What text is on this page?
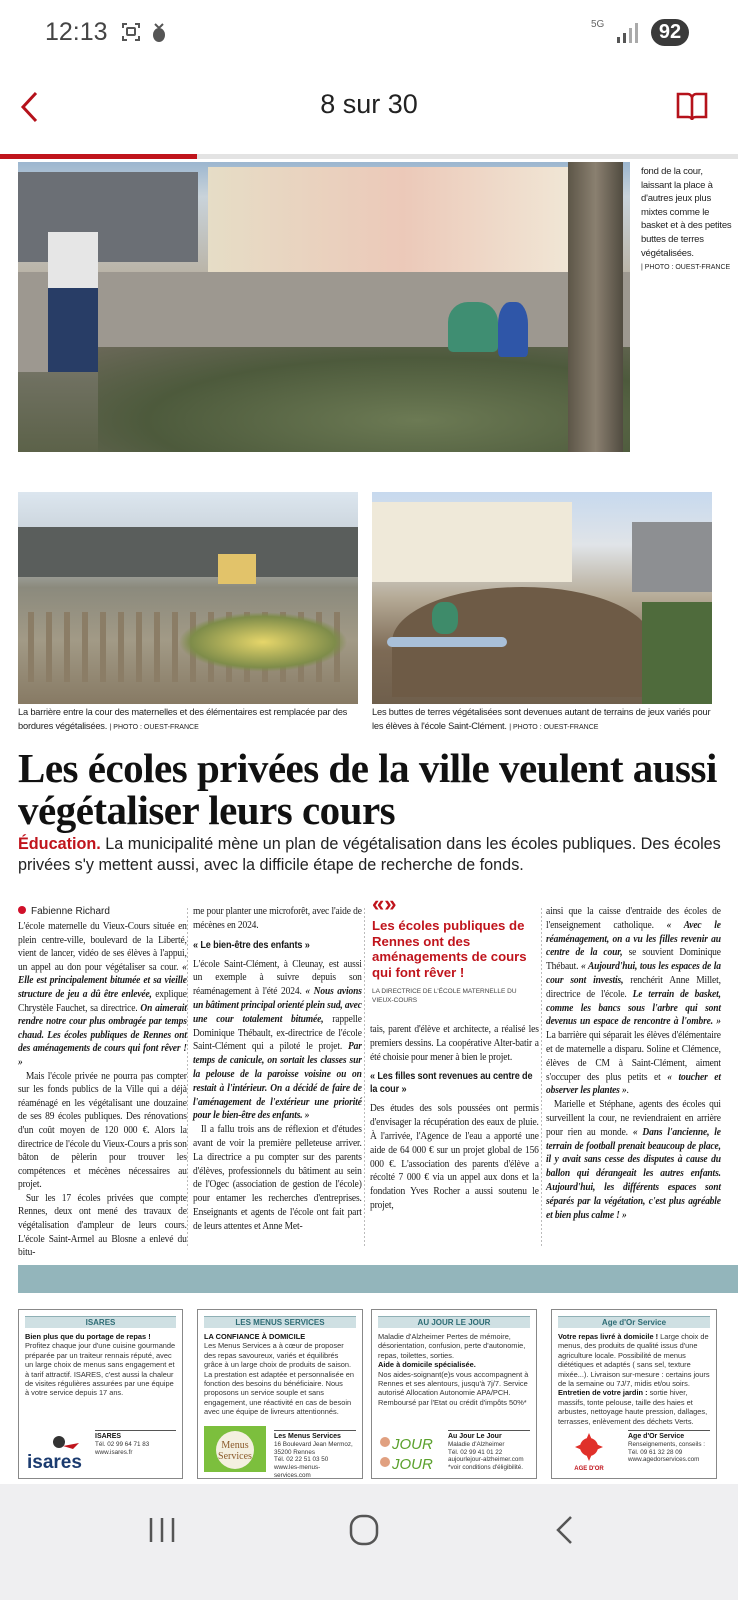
12:13	5G	92
8 sur 30
fond de la cour, laissant la place à d'autres jeux plus mixtes comme le basket et à des petites buttes de terres végétalisées.
| PHOTO : OUEST-FRANCE
La barrière entre la cour des maternelles et des élémentaires est remplacée par des bordures végétalisées. | PHOTO : OUEST-FRANCE
Les buttes de terres végétalisées sont devenues autant de terrains de jeux variés pour les élèves à l'école Saint-Clément. | PHOTO : OUEST-FRANCE
Les écoles privées de la ville veulent aussi végétaliser leurs cours
Éducation. La municipalité mène un plan de végétalisation dans les écoles publiques. Des écoles privées s'y mettent aussi, avec la difficile étape de recherche de fonds.
Fabienne Richard

L'école maternelle du Vieux-Cours située en plein centre-ville, boulevard de la Liberté, vient de lancer, vidéo de ses élèves à l'appui, un appel au don pour végétaliser sa cour. « Elle est principalement bitumée et sa vieille structure de jeu a dû être enlevée, explique Chrystèle Fauchet, sa directrice. On aimerait rendre notre cour plus ombragée par temps chaud. Les écoles publiques de Rennes ont des aménagements de cours qui font rêver ! »

Mais l'école privée ne pourra pas compter sur les fonds publics de la Ville qui a déjà réaménagé en les végétalisant une douzaine de ses 89 écoles publiques. Des rénovations d'un coût moyen de 120 000 €. Alors la directrice de l'école du Vieux-Cours a pris son bâton de pèlerin pour trouver les compétences et mécènes nécessaires au projet.

Sur les 17 écoles privées que compte Rennes, deux ont mené des travaux de végétalisation d'ampleur de leurs cours. L'école Saint-Armel au Blosne a enlevé du bitu-

me pour planter une microforêt, avec l'aide de mécènes en 2024.

« Le bien-être des enfants »

L'école Saint-Clément, à Cleunay, est aussi un exemple à suivre depuis son réaménagement à l'été 2024. « Nous avions un bâtiment principal orienté plein sud, avec une cour totalement bitumée, rappelle Dominique Thébault, ex-directrice de l'école Saint-Clément qui a piloté le projet. Par temps de canicule, on sortait les classes sur la pelouse de la paroisse voisine ou on restait à l'intérieur. On a décidé de faire de l'aménagement de l'extérieur une priorité pour le bien-être des enfants. »

Il a fallu trois ans de réflexion et d'études avant de voir la première pelleteuse arriver. La directrice a pu compter sur des parents d'élèves, professionnels du bâtiment au sein de l'Ogec (association de gestion de l'école) pour entamer les recherches d'entreprises. Enseignants et agents de l'école ont fait part de leurs attentes et Anne Met-

«»
Les écoles publiques de Rennes ont des aménagements de cours qui font rêver !
LA DIRECTRICE DE L'ÉCOLE MATERNELLE DU VIEUX-COURS

tais, parent d'élève et architecte, a réalisé les premiers dessins. La coopérative Alter-batir a été choisie pour mener à bien le projet.

« Les filles sont revenues au centre de la cour »

Des études des sols poussées ont permis d'envisager la récupération des eaux de pluie. À l'arrivée, l'Agence de l'eau a apporté une aide de 64 000 € sur un projet global de 156 000 €. L'association des parents d'élève a récolté 7 000 € via un appel aux dons et la fondation Yves Rocher a aussi soutenu le projet,

ainsi que la caisse d'entraide des écoles de l'enseignement catholique. « Avec le réaménagement, on a vu les filles revenir au centre de la cour, se souvient Dominique Thébaut. « Aujourd'hui, tous les espaces de la cour sont investis, renchérit Anne Millet, directrice de l'école. Le terrain de basket, comme les bancs sous l'arbre qui sont devenus un espace de rencontre à l'ombre. » La barrière qui séparait les élèves d'élémentaire et de maternelle a disparu. Soline et Clémence, élèves de CM à Saint-Clément, aiment s'occuper des plus petits et « toucher et observer les plantes ».

Marielle et Stéphane, agents des écoles qui surveillent la cour, ne reviendraient en arrière pour rien au monde. « Dans l'ancienne, le terrain de football prenait beaucoup de place, il y avait sans cesse des disputes à cause du ballon qui dérangeait les autres enfants. Aujourd'hui, les différents espaces sont séparés par la végétation, c'est plus agréable et bien plus calme ! »

ISARES
Bien plus que du portage de repas !
Profitez chaque jour d'une cuisine gourmande préparée par un traiteur rennais réputé, avec un large choix de menus sans engagement et à tarif attractif. ISARES, c'est aussi la chaleur de visites régulières assurées par une équipe à votre service depuis 17 ans.
isares
ISARES
Tél. 02 99 64 71 83
www.isares.fr
LES MENUS SERVICES
LA CONFIANCE À DOMICILE
Les Menus Services a à cœur de proposer des repas savoureux, variés et équilibrés grâce à un large choix de produits de saison. La prestation est adaptée et personnalisée en fonction des besoins du bénéficiaire. Nous proposons un service souple et sans engagement, une réactivité en cas de besoin avec une équipe de livreurs attentionnés.
Menus
Services
Les Menus Services
16 Boulevard Jean Mermoz,
35200 Rennes
Tél. 02 22 51 03 50
www.les-menus-services.com
AU JOUR LE JOUR
Maladie d'Alzheimer Pertes de mémoire, désorientation, confusion, perte d'autonomie, repas, toilettes, sorties.
Aide à domicile spécialisée.
Nos aides-soignant(e)s vous accompagnent à Rennes et ses alentours, jusqu'à 7j/7. Service autorisé Allocation Autonomie APA/PCH. Remboursé par l'Etat ou crédit d'impôts 50%*
JOUR
JOUR
Au Jour Le Jour
Maladie d'Alzheimer
Tél. 02 99 41 01 22
aujourlejour-alzheimer.com
*voir conditions d'éligibilité.
Age d'Or Service
Votre repas livré à domicile ! Large choix de menus, des produits de qualité issus d'une agriculture locale. Possibilité de menus diététiques et adaptés ( sans sel, texture mixée...). Livraison sur-mesure : certains jours de la semaine ou 7J/7, midis et/ou soirs.
Entretien de votre jardin : sortie hiver, massifs, tonte pelouse, taille des haies et arbustes, nettoyage haute pression, dallages, terrasses, enlèvement des déchets Verts.
AGE D'OR
Age d'Or Service
Renseignements, conseils :
Tél. 09 61 32 28 09
www.agedorservices.com
